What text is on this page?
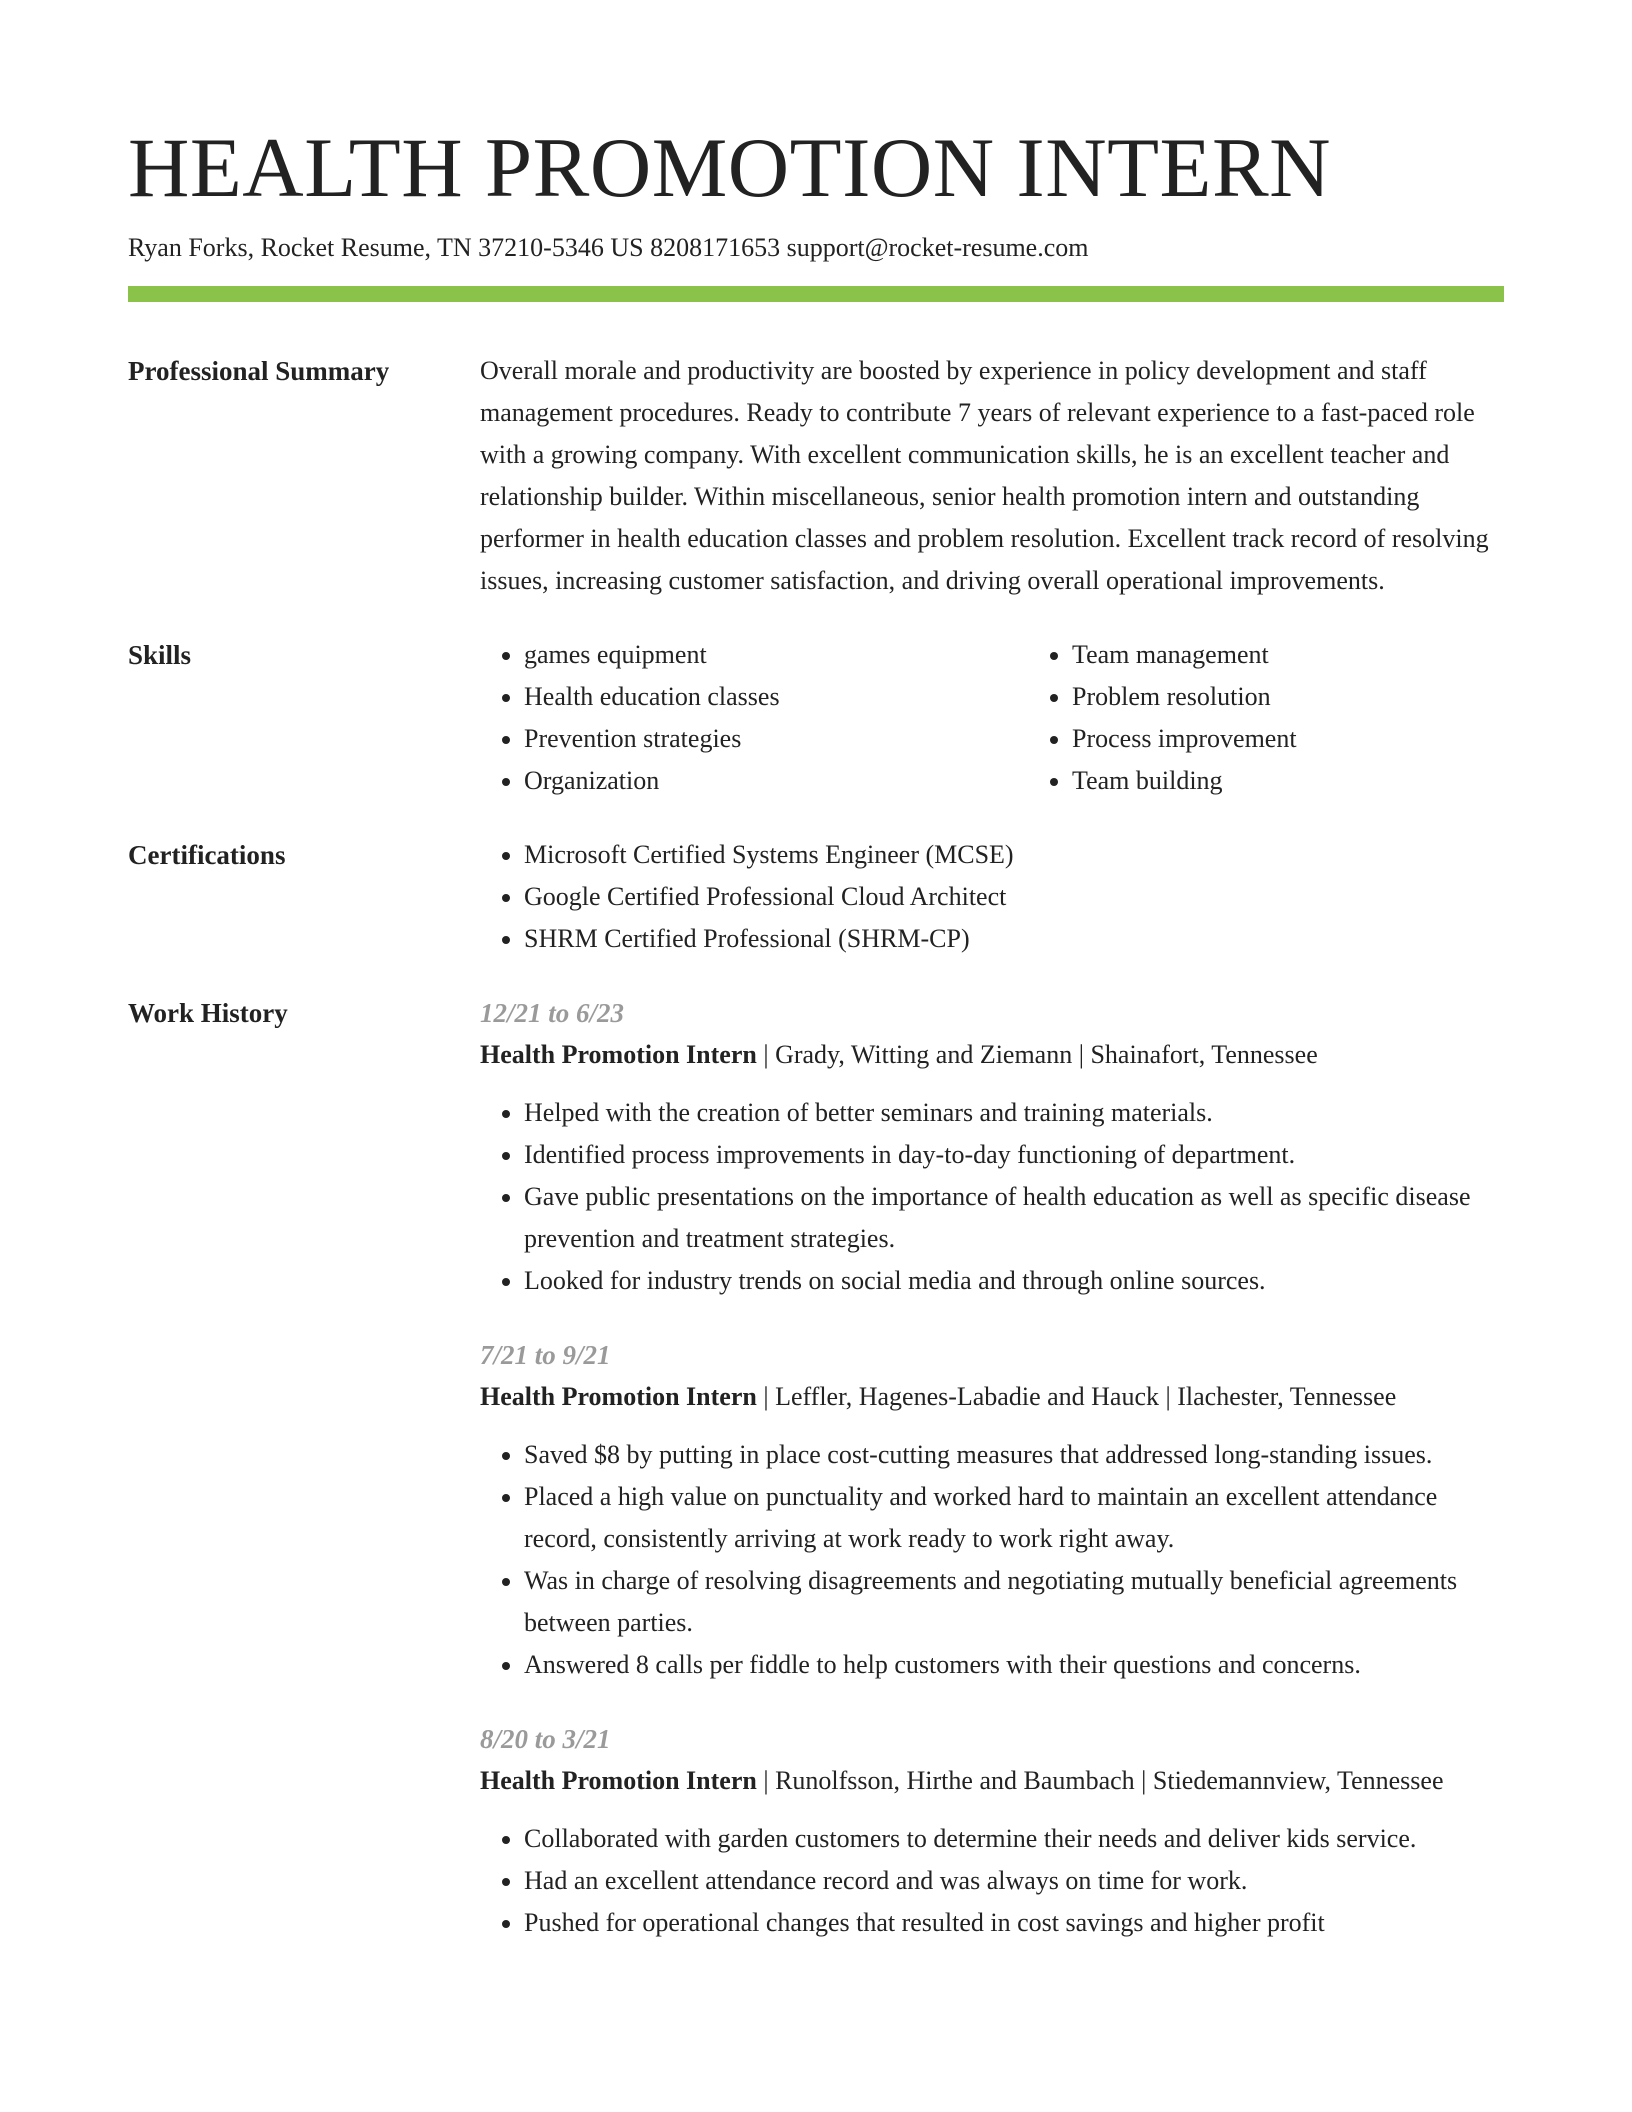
HEALTH PROMOTION INTERN
Ryan Forks, Rocket Resume, TN 37210-5346 US 8208171653 support@rocket-resume.com
Professional Summary	Overall morale and productivity are boosted by experience in policy development and staff management procedures. Ready to contribute 7 years of relevant experience to a fast-paced role with a growing company. With excellent communication skills, he is an excellent teacher and relationship builder. Within miscellaneous, senior health promotion intern and outstanding performer in health education classes and problem resolution. Excellent track record of resolving issues, increasing customer satisfaction, and driving overall operational improvements.
Skills	• games equipment
• Health education classes
• Prevention strategies
• Organization
• Team management
• Problem resolution
• Process improvement
• Team building
Certifications	• Microsoft Certified Systems Engineer (MCSE)
• Google Certified Professional Cloud Architect
• SHRM Certified Professional (SHRM-CP)
Work History	12/21 to 6/23
Health Promotion Intern | Grady, Witting and Ziemann | Shainafort, Tennessee
• Helped with the creation of better seminars and training materials.
• Identified process improvements in day-to-day functioning of department.
• Gave public presentations on the importance of health education as well as specific disease prevention and treatment strategies.
• Looked for industry trends on social media and through online sources.
7/21 to 9/21
Health Promotion Intern | Leffler, Hagenes-Labadie and Hauck | Ilachester, Tennessee
• Saved $8 by putting in place cost-cutting measures that addressed long-standing issues.
• Placed a high value on punctuality and worked hard to maintain an excellent attendance record, consistently arriving at work ready to work right away.
• Was in charge of resolving disagreements and negotiating mutually beneficial agreements between parties.
• Answered 8 calls per fiddle to help customers with their questions and concerns.
8/20 to 3/21
Health Promotion Intern | Runolfsson, Hirthe and Baumbach | Stiedemannview, Tennessee
• Collaborated with garden customers to determine their needs and deliver kids service.
• Had an excellent attendance record and was always on time for work.
• Pushed for operational changes that resulted in cost savings and higher profit
